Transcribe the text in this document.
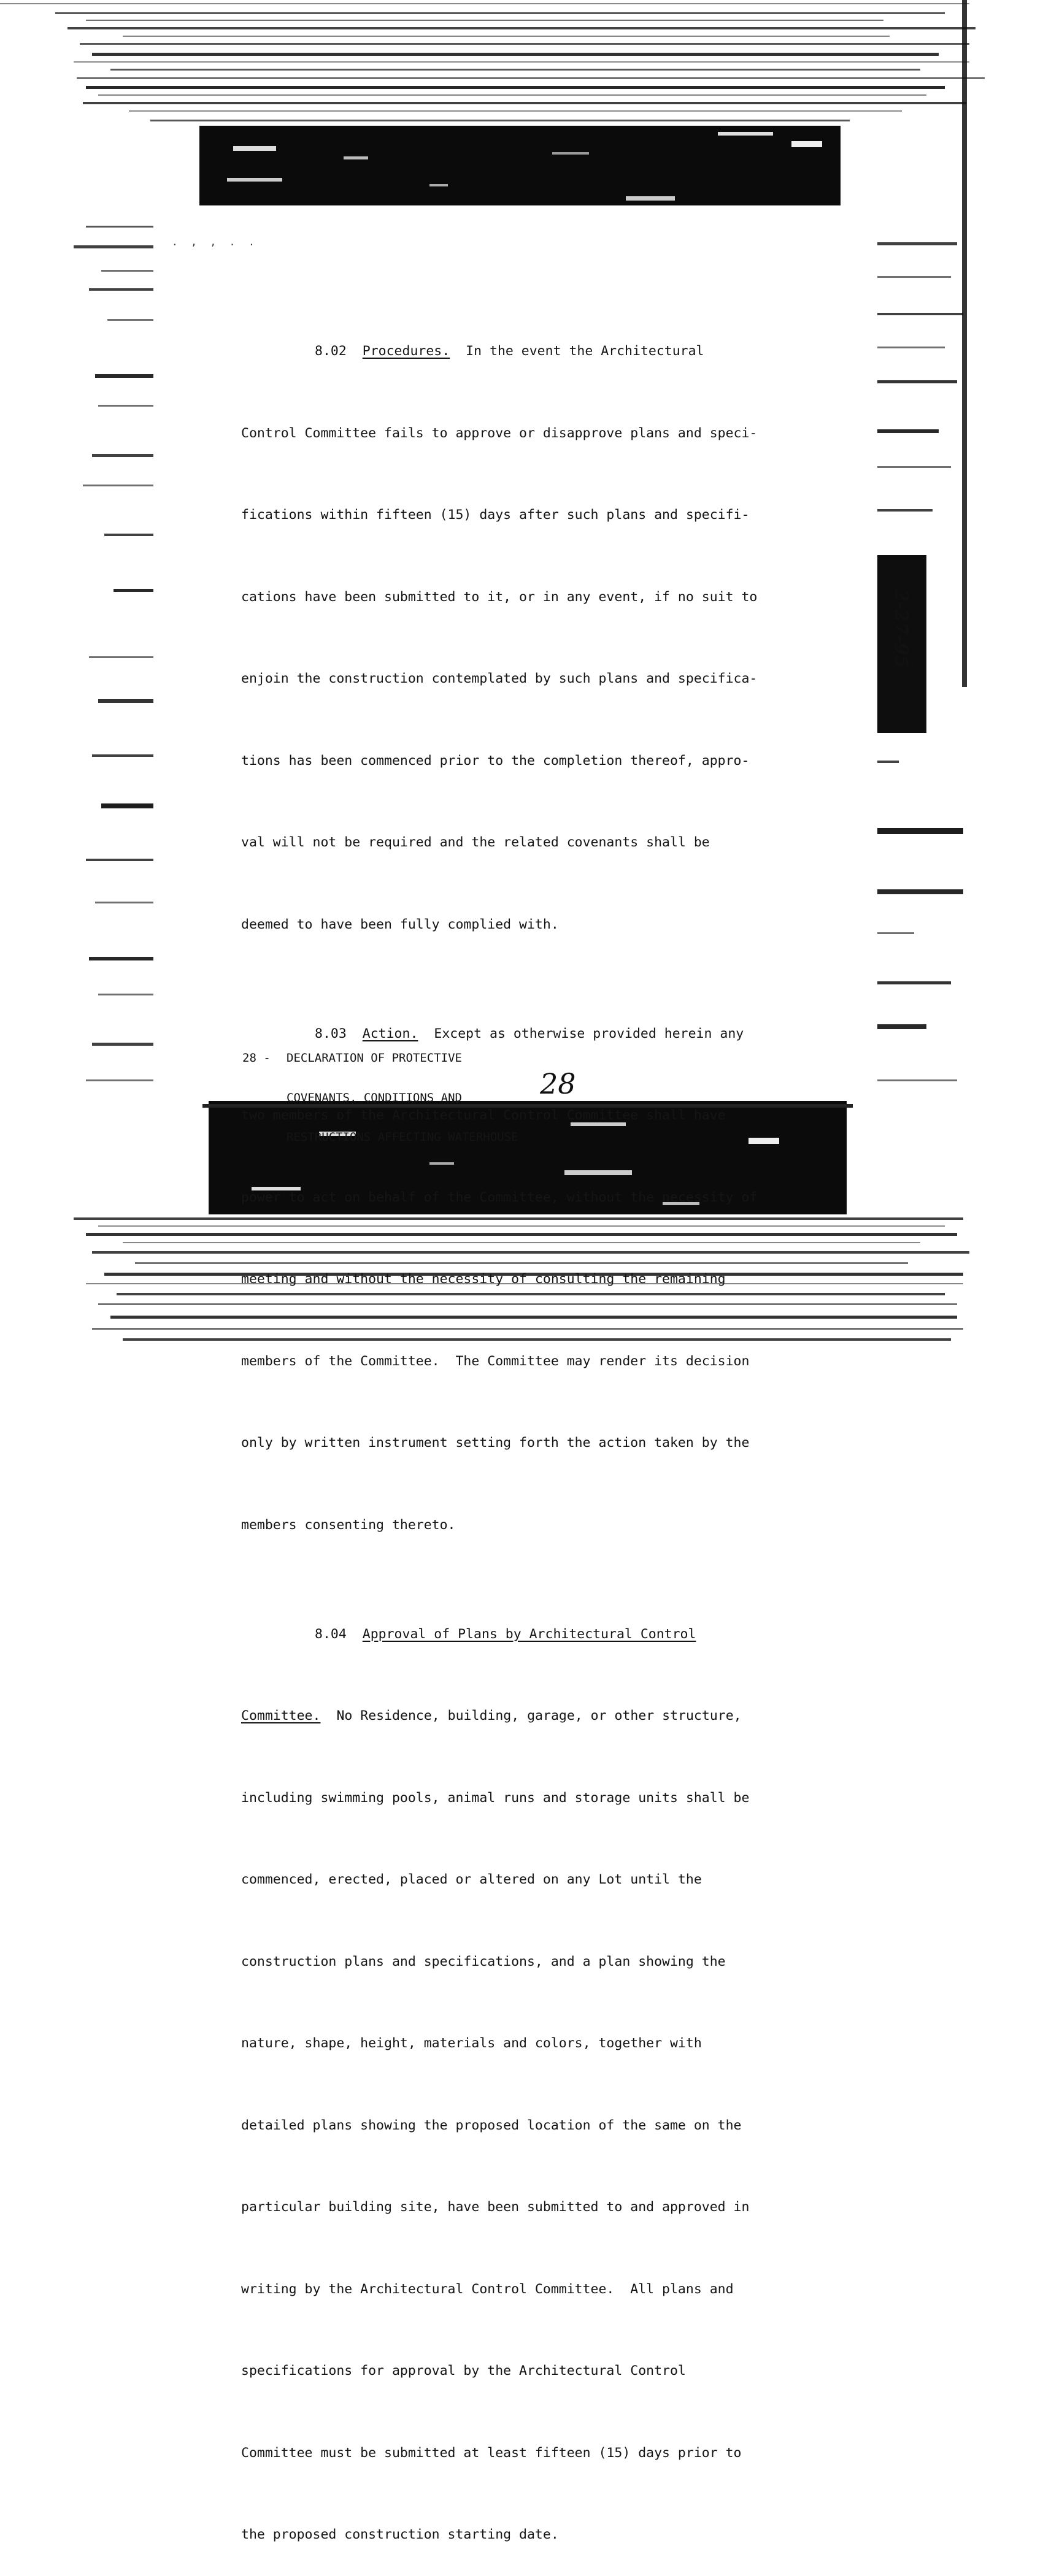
2-27-95
. , , . .

8.02 Procedures. In the event the Architectural

Control Committee fails to approve or disapprove plans and speci-

fications within fifteen (15) days after such plans and specifi-

cations have been submitted to it, or in any event, if no suit to

enjoin the construction contemplated by such plans and specifica-

tions has been commenced prior to the completion thereof, appro-

val will not be required and the related covenants shall be

deemed to have been fully complied with.

8.03 Action. Except as otherwise provided herein any

two members of the Architectural Control Committee shall have

power to act on behalf of the Committee, without the necessity of

meeting and without the necessity of consulting the remaining

members of the Committee.  The Committee may render its decision

only by written instrument setting forth the action taken by the

members consenting thereto.

8.04 Approval of Plans by Architectural Control

Committee. No Residence, building, garage, or other structure,

including swimming pools, animal runs and storage units shall be

commenced, erected, placed or altered on any Lot until the

construction plans and specifications, and a plan showing the

nature, shape, height, materials and colors, together with

detailed plans showing the proposed location of the same on the

particular building site, have been submitted to and approved in

writing by the Architectural Control Committee.  All plans and

specifications for approval by the Architectural Control

Committee must be submitted at least fifteen (15) days prior to

the proposed construction starting date.

28 - DECLARATION OF PROTECTIVE

COVENANTS, CONDITIONS AND

RESTRUCTIONS AFFECTING WATERHOUSE

28
